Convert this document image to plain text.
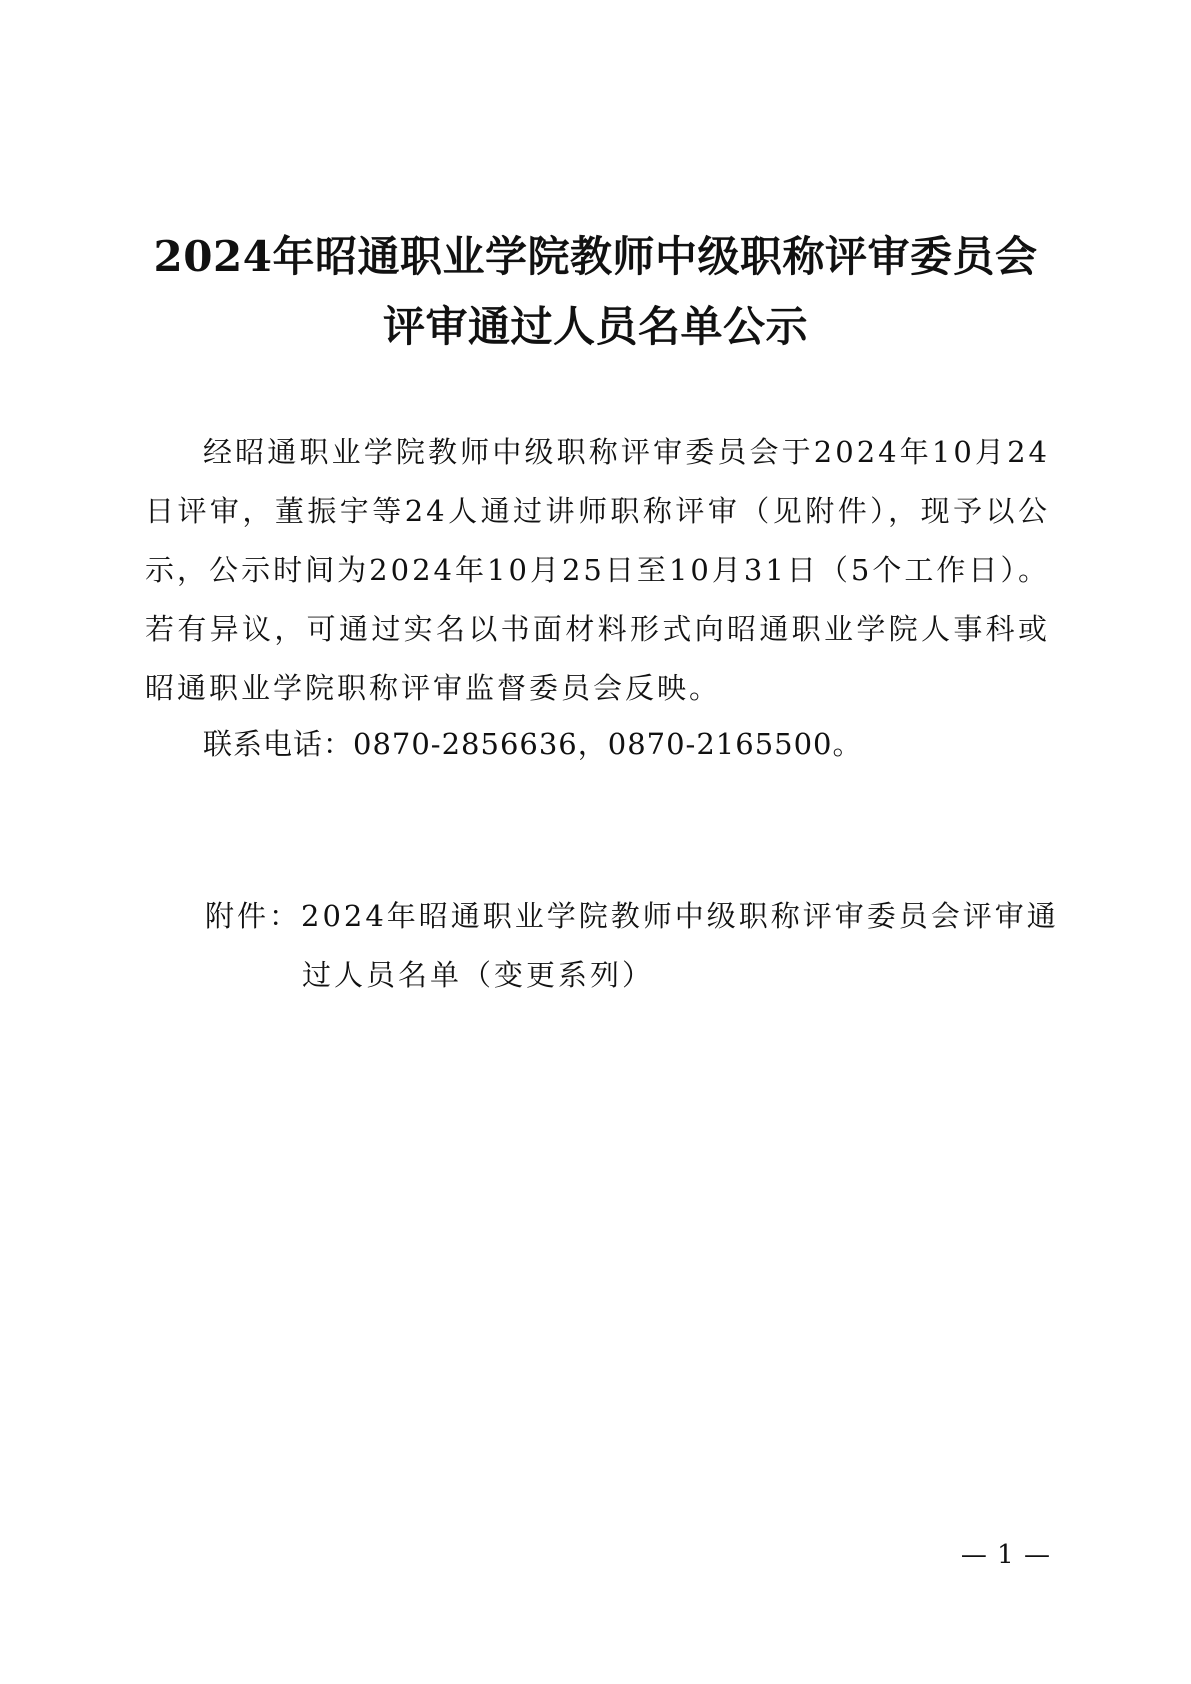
2024年昭通职业学院教师中级职称评审委员会
评审通过人员名单公示

经昭通职业学院教师中级职称评审委员会于2024年10月24日评审，董振宇等24人通过讲师职称评审（见附件），现予以公示，公示时间为2024年10月25日至10月31日（5个工作日）。若有异议，可通过实名以书面材料形式向昭通职业学院人事科或昭通职业学院职称评审监督委员会反映。

联系电话：0870-2856636，0870-2165500。

附件：2024年昭通职业学院教师中级职称评审委员会评审通
过人员名单（变更系列）
— 1 —
